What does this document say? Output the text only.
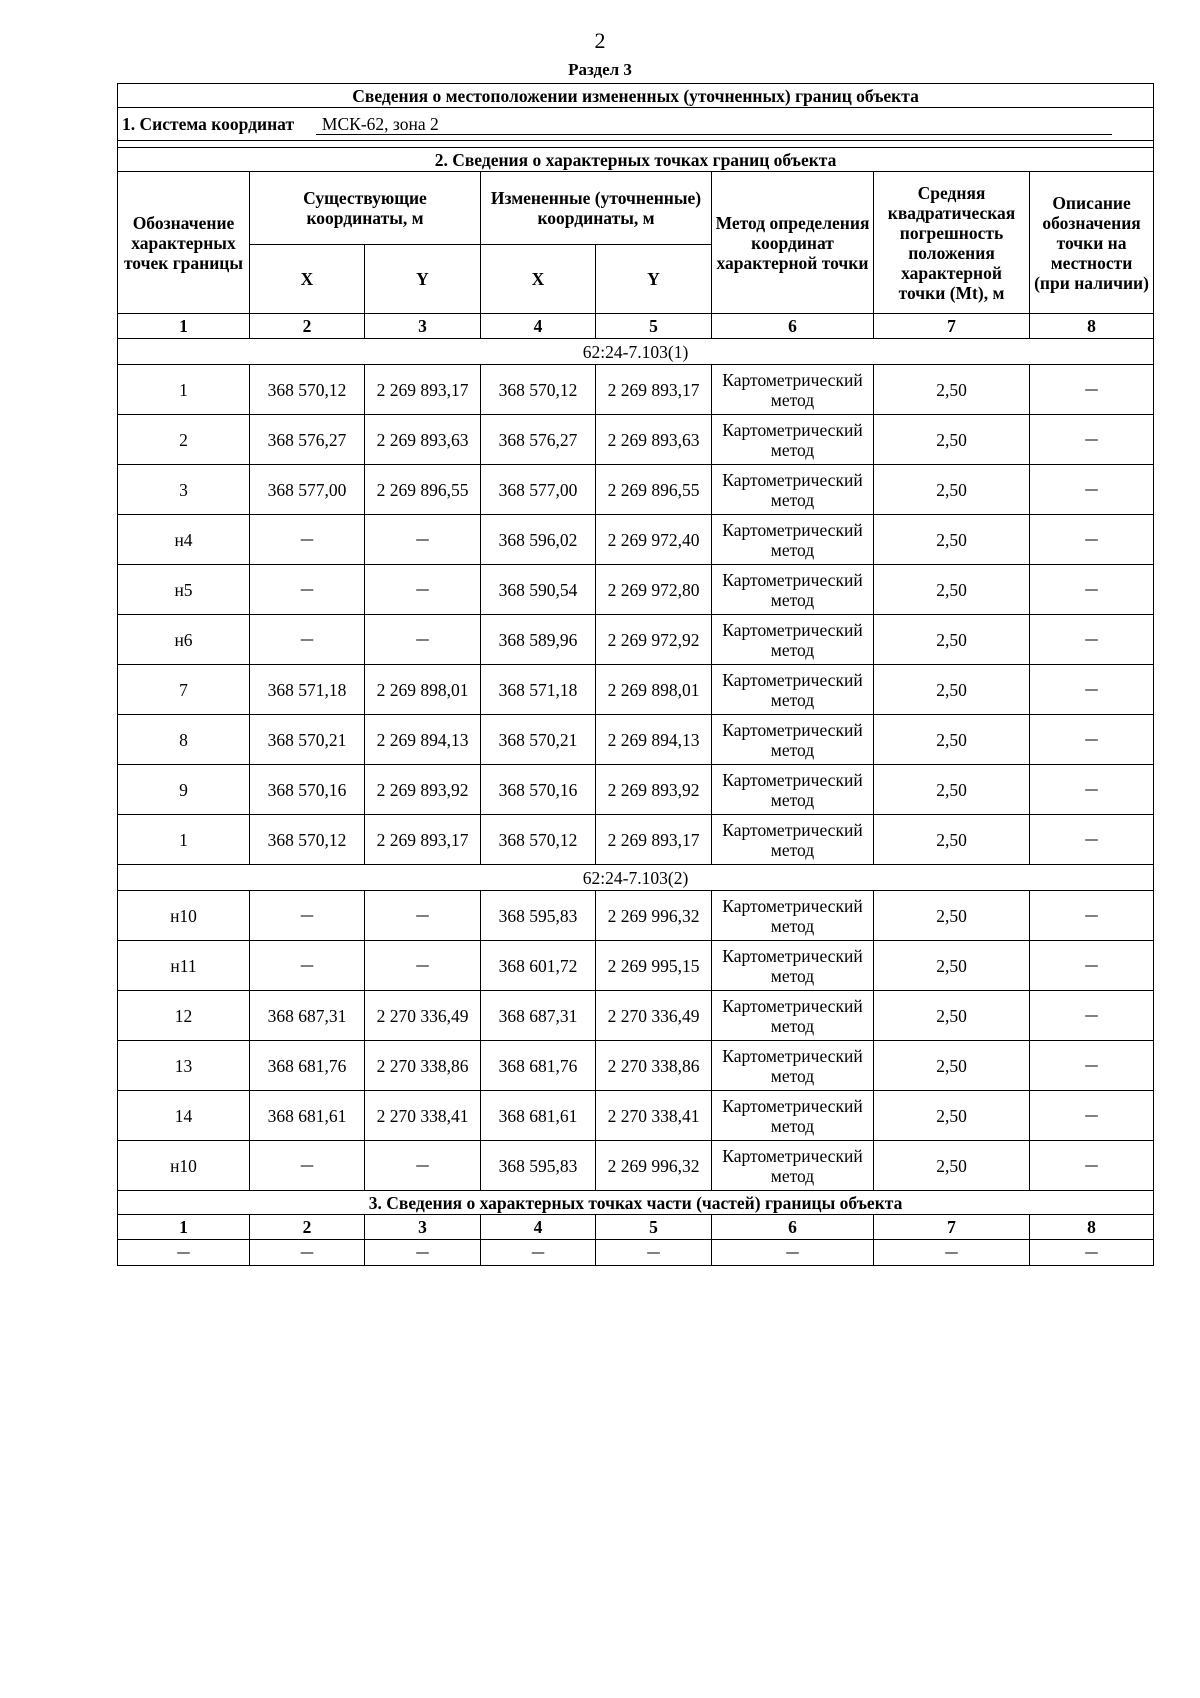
2
Раздел 3
Сведения о местоположении измененных (уточненных) границ объекта							
1. Система координат МСК-62, зона 2							

2. Сведения о характерных точках границ объекта							
Обозначение характерных точек границы	Существующие координаты, м		Измененные (уточненные) координаты, м		Метод определения координат характерной точки	Средняя квадратическая погрешность положения характерной точки (Mt), м	Описание обозначения точки на местности (при наличии)
	X	Y	X	Y			
1	2	3	4	5	6	7	8
62:24-7.103(1)							
1	368 570,12	2 269 893,17	368 570,12	2 269 893,17	Картометрический метод	2,50	—
2	368 576,27	2 269 893,63	368 576,27	2 269 893,63	Картометрический метод	2,50	—
3	368 577,00	2 269 896,55	368 577,00	2 269 896,55	Картометрический метод	2,50	—
н4	—	—	368 596,02	2 269 972,40	Картометрический метод	2,50	—
н5	—	—	368 590,54	2 269 972,80	Картометрический метод	2,50	—
н6	—	—	368 589,96	2 269 972,92	Картометрический метод	2,50	—
7	368 571,18	2 269 898,01	368 571,18	2 269 898,01	Картометрический метод	2,50	—
8	368 570,21	2 269 894,13	368 570,21	2 269 894,13	Картометрический метод	2,50	—
9	368 570,16	2 269 893,92	368 570,16	2 269 893,92	Картометрический метод	2,50	—
1	368 570,12	2 269 893,17	368 570,12	2 269 893,17	Картометрический метод	2,50	—
62:24-7.103(2)							
н10	—	—	368 595,83	2 269 996,32	Картометрический метод	2,50	—
н11	—	—	368 601,72	2 269 995,15	Картометрический метод	2,50	—
12	368 687,31	2 270 336,49	368 687,31	2 270 336,49	Картометрический метод	2,50	—
13	368 681,76	2 270 338,86	368 681,76	2 270 338,86	Картометрический метод	2,50	—
14	368 681,61	2 270 338,41	368 681,61	2 270 338,41	Картометрический метод	2,50	—
н10	—	—	368 595,83	2 269 996,32	Картометрический метод	2,50	—
3. Сведения о характерных точках части (частей) границы объекта							
1	2	3	4	5	6	7	8
—	—	—	—	—	—	—	—
